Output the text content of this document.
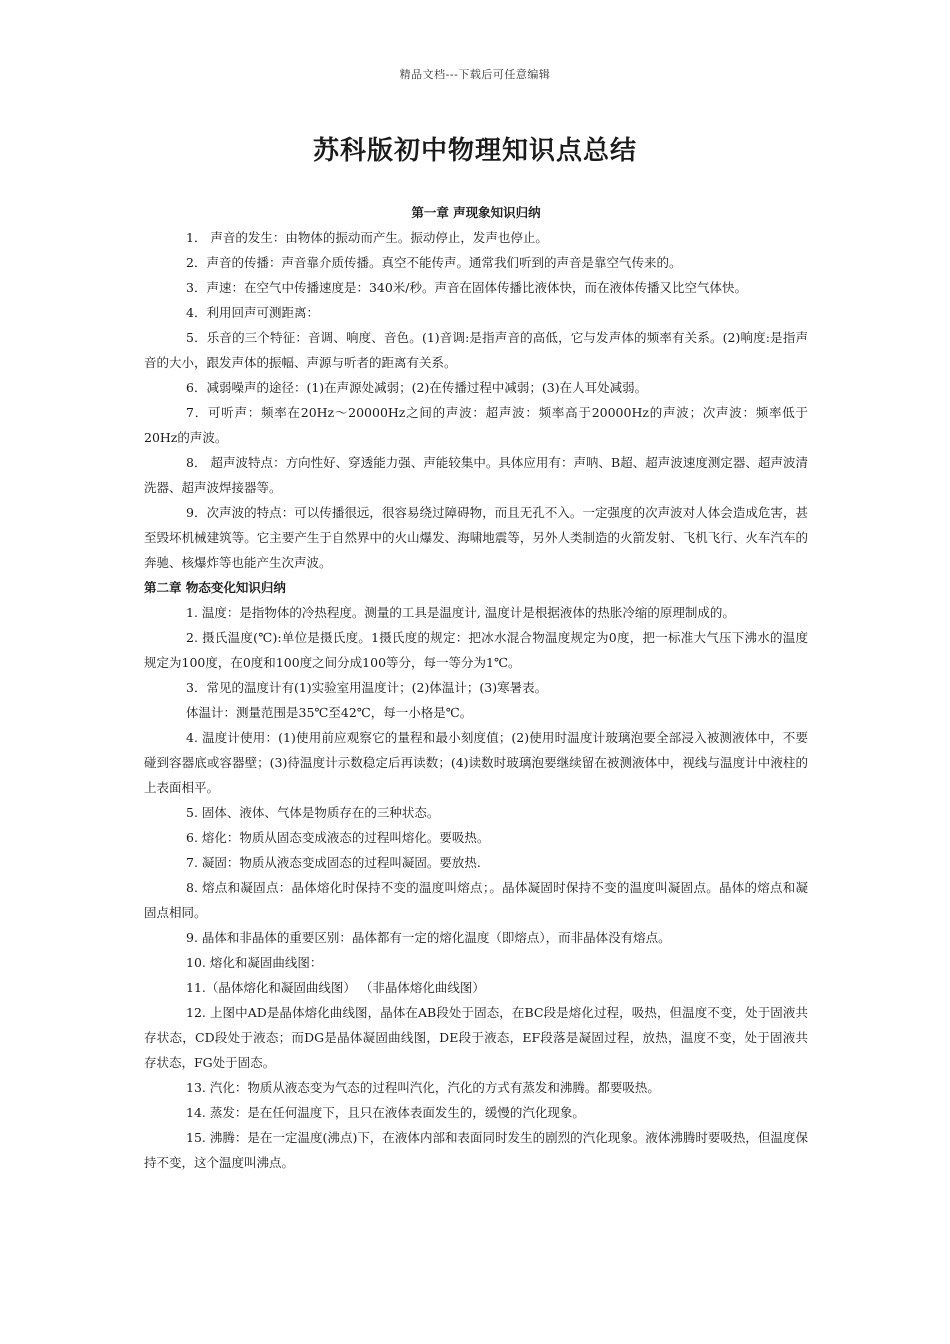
精品文档---下载后可任意编辑
苏科版初中物理知识点总结

第一章 声现象知识归纳

1． 声音的发生：由物体的振动而产生。振动停止，发声也停止。

2．声音的传播：声音靠介质传播。真空不能传声。通常我们听到的声音是靠空气传来的。

3．声速：在空气中传播速度是：340米/秒。声音在固体传播比液体快，而在液体传播又比空气体快。

4．利用回声可测距离：

5．乐音的三个特征：音调、响度、音色。(1)音调:是指声音的高低，它与发声体的频率有关系。(2)响度:是指声音的大小，跟发声体的振幅、声源与听者的距离有关系。

6．减弱噪声的途径：(1)在声源处减弱；(2)在传播过程中减弱；(3)在人耳处减弱。

7．可听声：频率在20Hz～20000Hz之间的声波：超声波：频率高于20000Hz的声波；次声波：频率低于20Hz的声波。

8． 超声波特点：方向性好、穿透能力强、声能较集中。具体应用有：声呐、B超、超声波速度测定器、超声波清洗器、超声波焊接器等。

9．次声波的特点：可以传播很远，很容易绕过障碍物，而且无孔不入。一定强度的次声波对人体会造成危害，甚至毁坏机械建筑等。它主要产生于自然界中的火山爆发、海啸地震等，另外人类制造的火箭发射、飞机飞行、火车汽车的奔驰、核爆炸等也能产生次声波。

第二章 物态变化知识归纳

1. 温度：是指物体的冷热程度。测量的工具是温度计, 温度计是根据液体的热胀冷缩的原理制成的。

2. 摄氏温度(℃):单位是摄氏度。1摄氏度的规定：把冰水混合物温度规定为0度，把一标准大气压下沸水的温度规定为100度，在0度和100度之间分成100等分，每一等分为1℃。

3．常见的温度计有(1)实验室用温度计；(2)体温计；(3)寒暑表。

体温计：测量范围是35℃至42℃，每一小格是℃。

4. 温度计使用：(1)使用前应观察它的量程和最小刻度值；(2)使用时温度计玻璃泡要全部浸入被测液体中，不要碰到容器底或容器壁；(3)待温度计示数稳定后再读数；(4)读数时玻璃泡要继续留在被测液体中，视线与温度计中液柱的上表面相平。

5. 固体、液体、气体是物质存在的三种状态。

6. 熔化：物质从固态变成液态的过程叫熔化。要吸热。

7. 凝固：物质从液态变成固态的过程叫凝固。要放热.

8. 熔点和凝固点：晶体熔化时保持不变的温度叫熔点；。晶体凝固时保持不变的温度叫凝固点。晶体的熔点和凝固点相同。

9. 晶体和非晶体的重要区别：晶体都有一定的熔化温度（即熔点），而非晶体没有熔点。

10. 熔化和凝固曲线图：

11.（晶体熔化和凝固曲线图） （非晶体熔化曲线图）

12. 上图中AD是晶体熔化曲线图，晶体在AB段处于固态，在BC段是熔化过程，吸热，但温度不变，处于固液共存状态，CD段处于液态；而DG是晶体凝固曲线图，DE段于液态，EF段落是凝固过程，放热，温度不变，处于固液共存状态，FG处于固态。

13. 汽化：物质从液态变为气态的过程叫汽化，汽化的方式有蒸发和沸腾。都要吸热。

14. 蒸发：是在任何温度下，且只在液体表面发生的，缓慢的汽化现象。

15. 沸腾：是在一定温度(沸点)下，在液体内部和表面同时发生的剧烈的汽化现象。液体沸腾时要吸热，但温度保持不变，这个温度叫沸点。
